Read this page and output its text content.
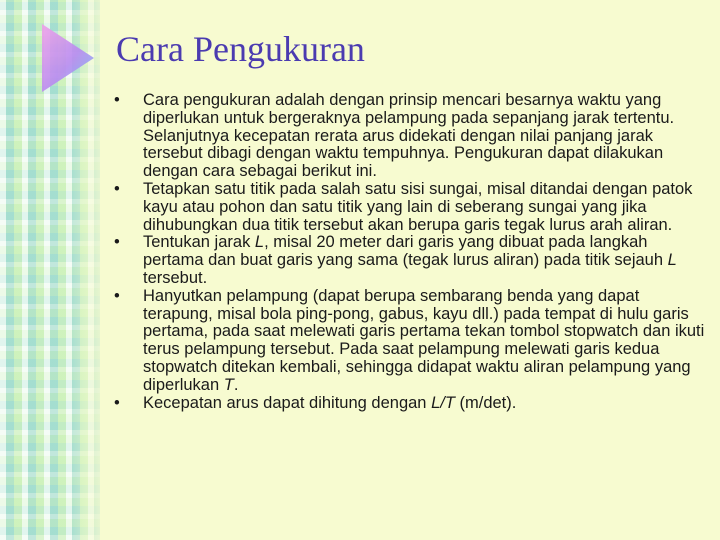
Cara Pengukuran
• Cara pengukuran adalah dengan prinsip mencari besarnya waktu yang diperlukan untuk bergeraknya pelampung pada sepanjang jarak tertentu. Selanjutnya kecepatan rerata arus didekati dengan nilai panjang jarak tersebut dibagi dengan waktu tempuhnya. Pengukuran dapat dilakukan dengan cara sebagai berikut ini.
• Tetapkan satu titik pada salah satu sisi sungai, misal ditandai dengan patok kayu atau pohon dan satu titik yang lain di seberang sungai yang jika dihubungkan dua titik tersebut akan berupa garis tegak lurus arah aliran.
• Tentukan jarak L, misal 20 meter dari garis yang dibuat pada langkah pertama dan buat garis yang sama (tegak lurus aliran) pada titik sejauh L tersebut.
• Hanyutkan pelampung (dapat berupa sembarang benda yang dapat terapung, misal bola ping-pong, gabus, kayu dll.) pada tempat di hulu garis pertama, pada saat melewati garis pertama tekan tombol stopwatch dan ikuti terus pelampung tersebut. Pada saat pelampung melewati garis kedua stopwatch ditekan kembali, sehingga didapat waktu aliran pelampung yang diperlukan T.
• Kecepatan arus dapat dihitung dengan L/T (m/det).
